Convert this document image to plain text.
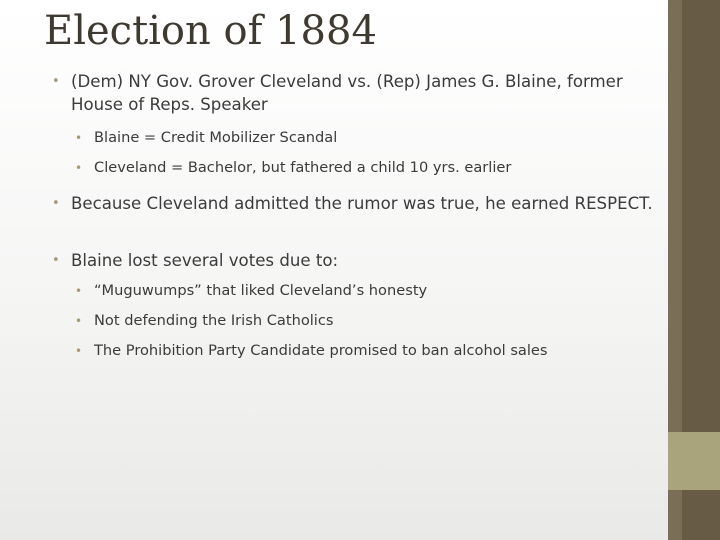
Election of 1884
• (Dem) NY Gov. Grover Cleveland vs. (Rep) James G. Blaine, former House of Reps. Speaker
• Blaine = Credit Mobilizer Scandal
• Cleveland = Bachelor, but fathered a child 10 yrs. earlier
• Because Cleveland admitted the rumor was true, he earned RESPECT.
• Blaine lost several votes due to:
• “Muguwumps” that liked Cleveland’s honesty
• Not defending the Irish Catholics
• The Prohibition Party Candidate promised to ban alcohol sales
